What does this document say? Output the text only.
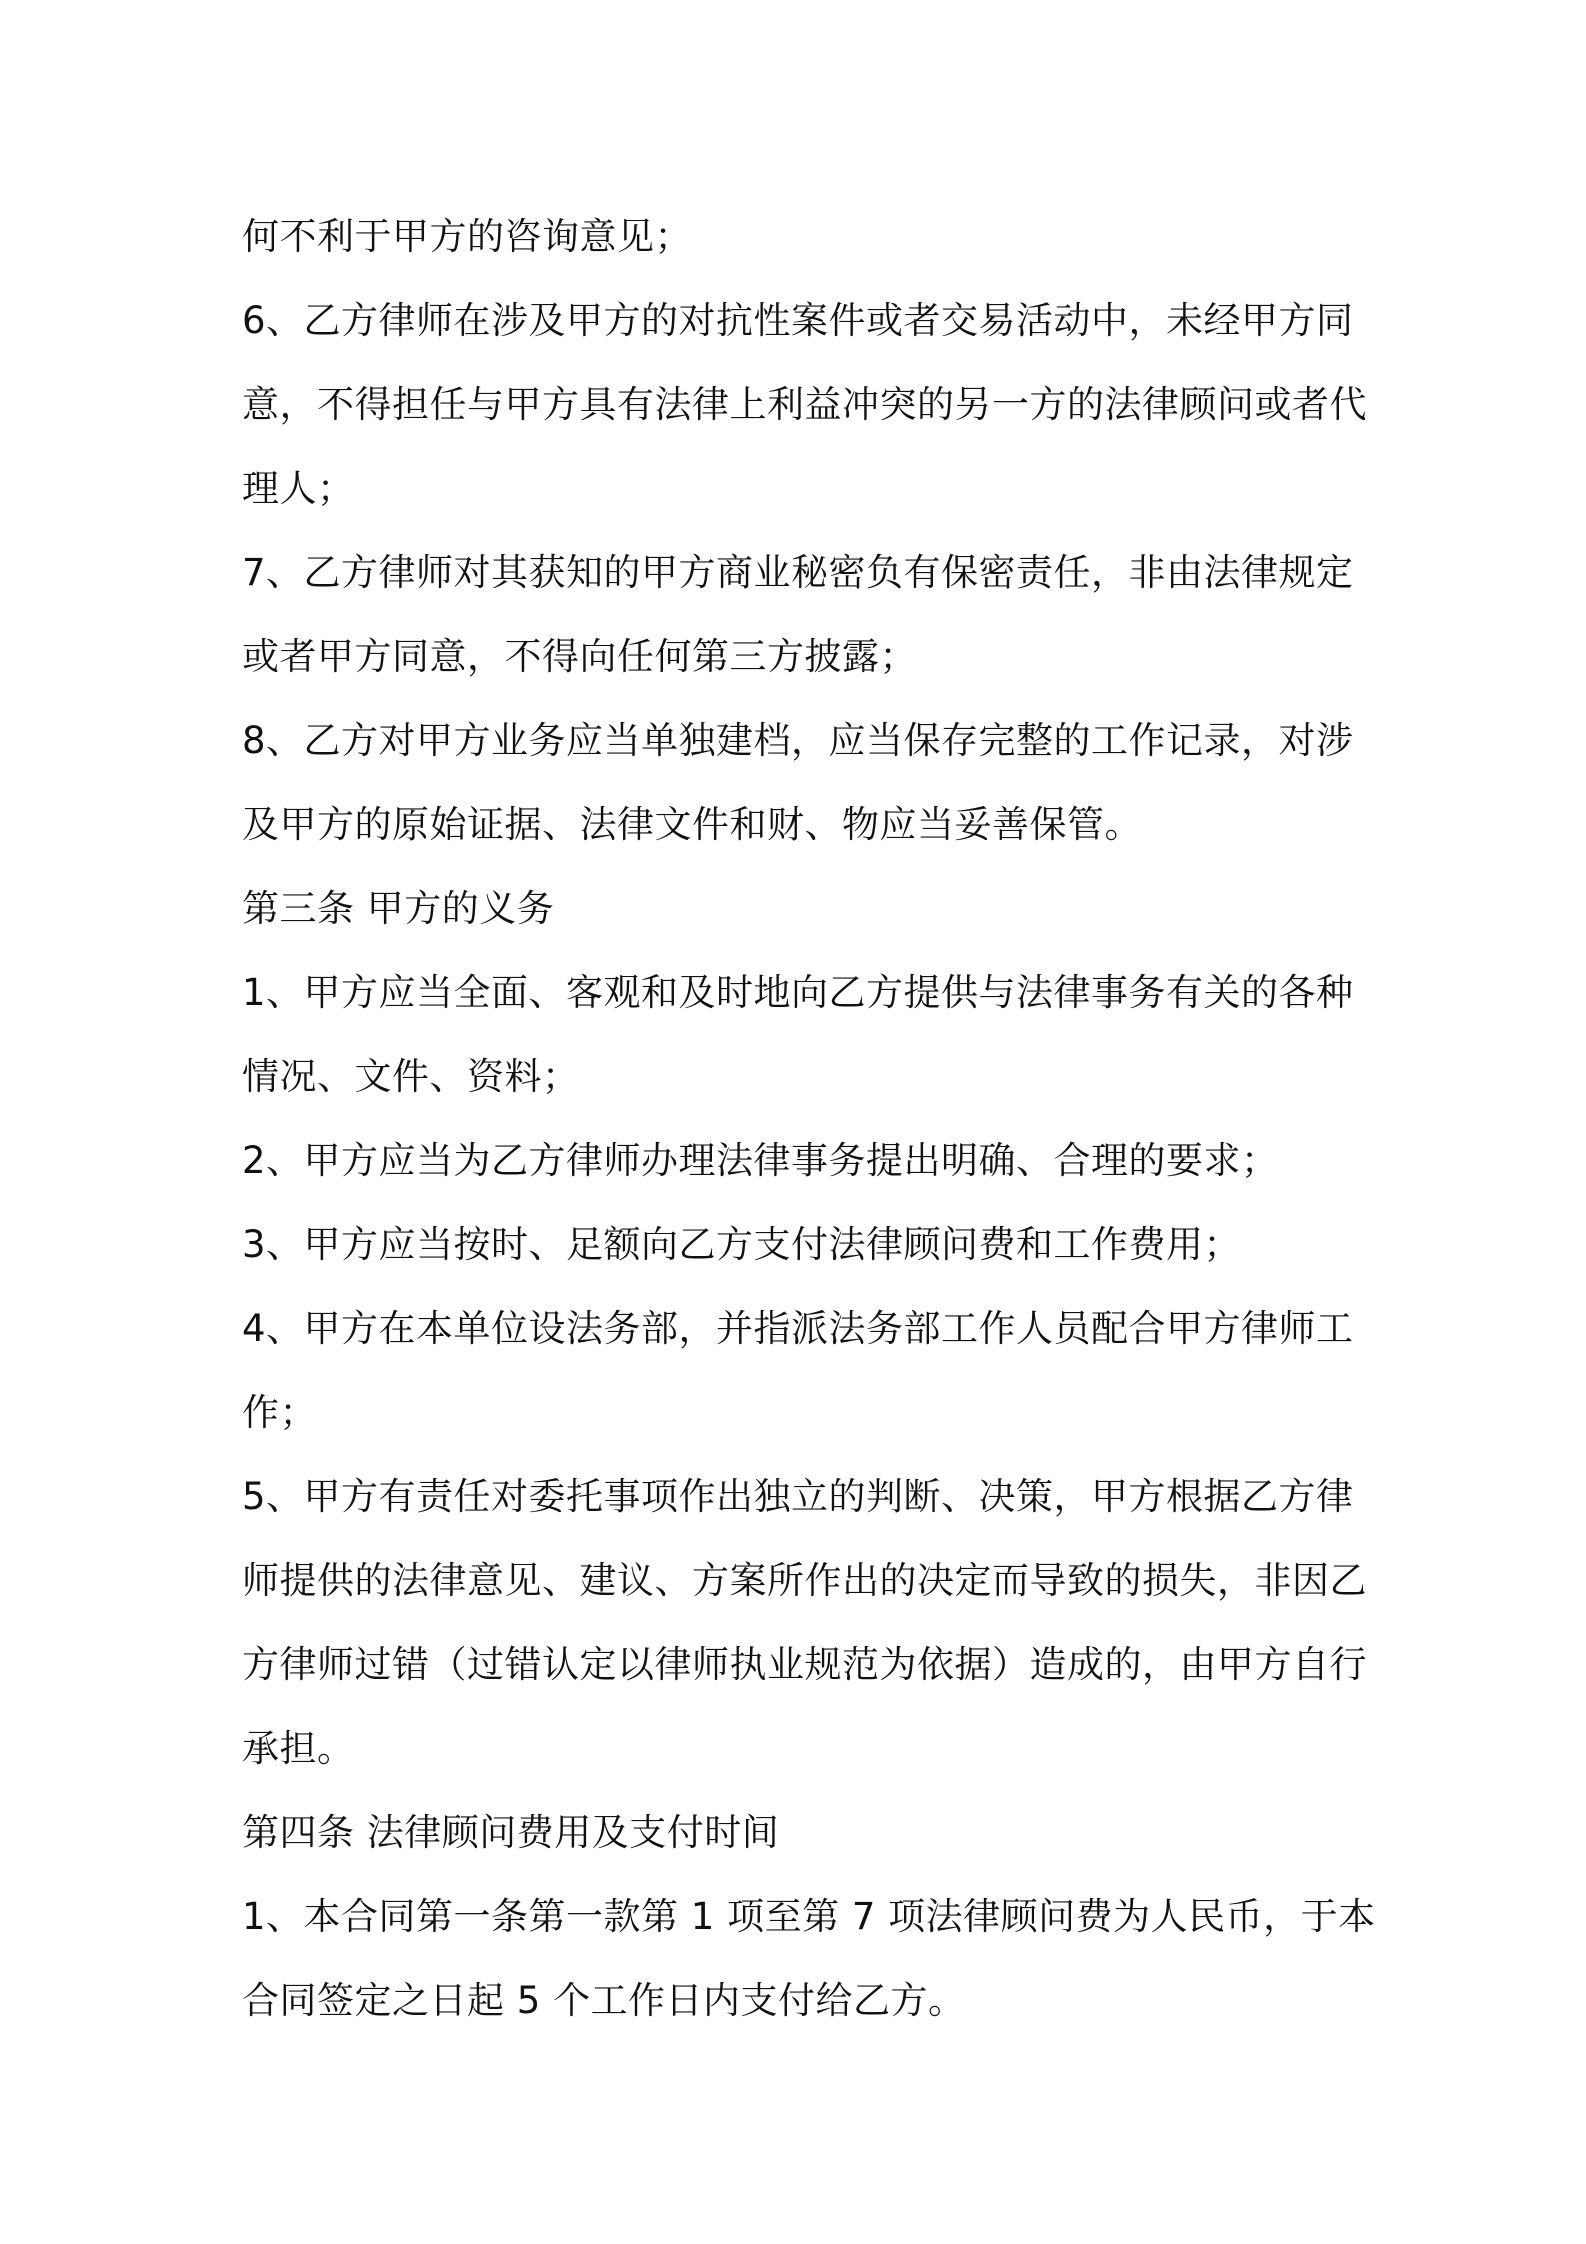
何不利于甲方的咨询意见；
6、乙方律师在涉及甲方的对抗性案件或者交易活动中，未经甲方同
意，不得担任与甲方具有法律上利益冲突的另一方的法律顾问或者代
理人；
7、乙方律师对其获知的甲方商业秘密负有保密责任，非由法律规定
或者甲方同意，不得向任何第三方披露；
8、乙方对甲方业务应当单独建档，应当保存完整的工作记录，对涉
及甲方的原始证据、法律文件和财、物应当妥善保管。
第三条 甲方的义务
1、甲方应当全面、客观和及时地向乙方提供与法律事务有关的各种
情况、文件、资料；
2、甲方应当为乙方律师办理法律事务提出明确、合理的要求；
3、甲方应当按时、足额向乙方支付法律顾问费和工作费用；
4、甲方在本单位设法务部，并指派法务部工作人员配合甲方律师工
作；
5、甲方有责任对委托事项作出独立的判断、决策，甲方根据乙方律
师提供的法律意见、建议、方案所作出的决定而导致的损失，非因乙
方律师过错（过错认定以律师执业规范为依据）造成的，由甲方自行
承担。
第四条 法律顾问费用及支付时间
1、本合同第一条第一款第 1 项至第 7 项法律顾问费为人民币，于本
合同签定之日起 5 个工作日内支付给乙方。
